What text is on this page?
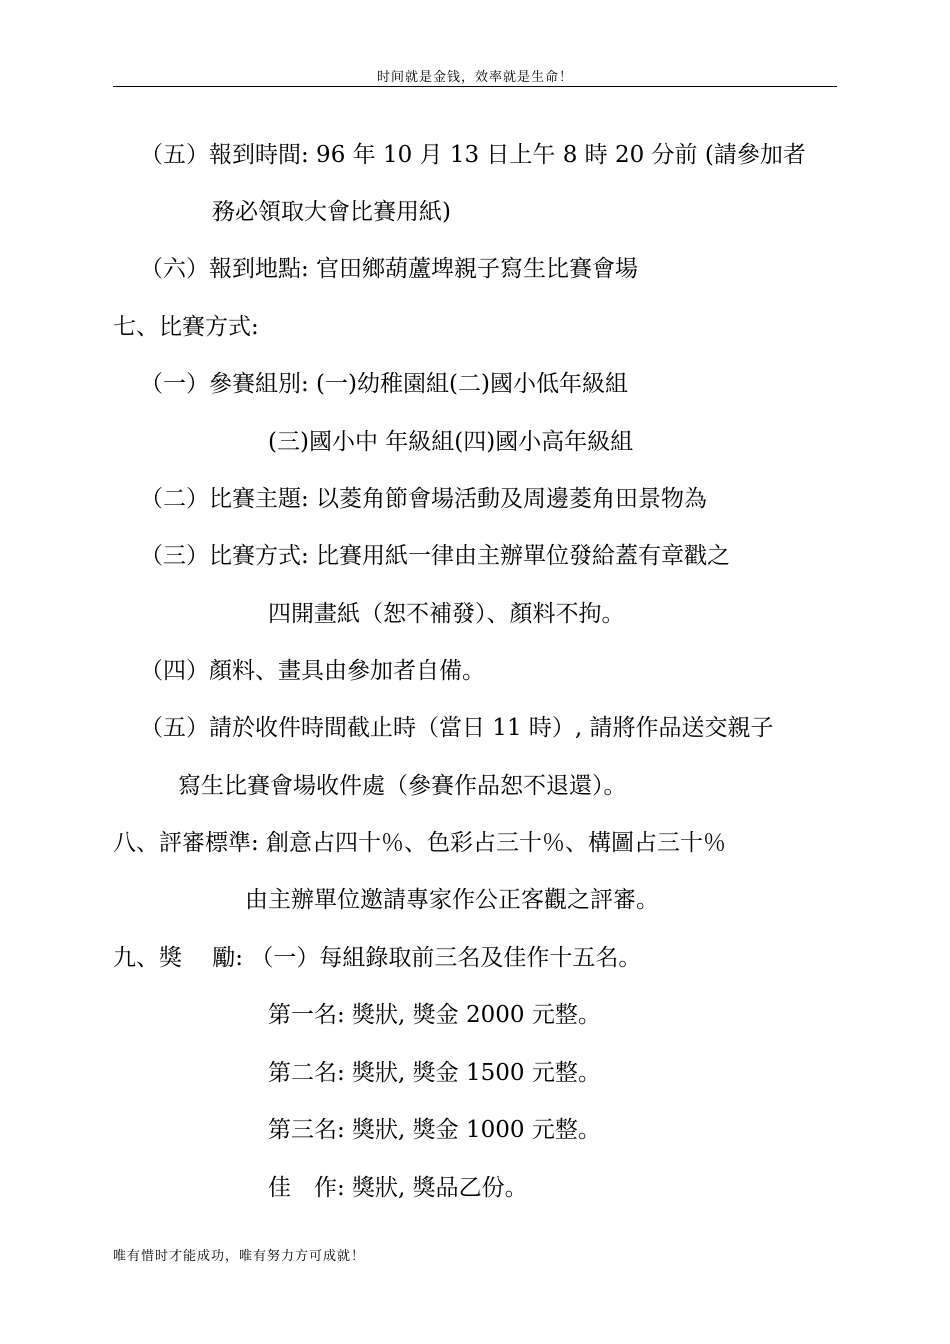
时间就是金钱，效率就是生命！
（五）報到時間: 96 年 10 月 13 日上午 8 時 20 分前 (請參加者
務必領取大會比賽用紙)
（六）報到地點: 官田鄉葫蘆埤親子寫生比賽會場
七、比賽方式:
（一）參賽組別: (一)幼稚園組(二)國小低年級組
(三)國小中 年級組(四)國小高年級組
（二）比賽主題: 以菱角節會場活動及周邊菱角田景物為
（三）比賽方式: 比賽用紙一律由主辦單位發給蓋有章戳之
四開畫紙（恕不補發）、顏料不拘。
（四）顏料、畫具由參加者自備。
（五）請於收件時間截止時（當日 11 時）, 請將作品送交親子
寫生比賽會場收件處（參賽作品恕不退還）。
八、評審標準: 創意占四十％、色彩占三十％、構圖占三十％
由主辦單位邀請專家作公正客觀之評審。
九、獎　 勵: （一）每組錄取前三名及佳作十五名。
第一名: 獎狀, 獎金 2000 元整。
第二名: 獎狀, 獎金 1500 元整。
第三名: 獎狀, 獎金 1000 元整。
佳　作: 獎狀, 獎品乙份。
唯有惜时才能成功，唯有努力方可成就！
